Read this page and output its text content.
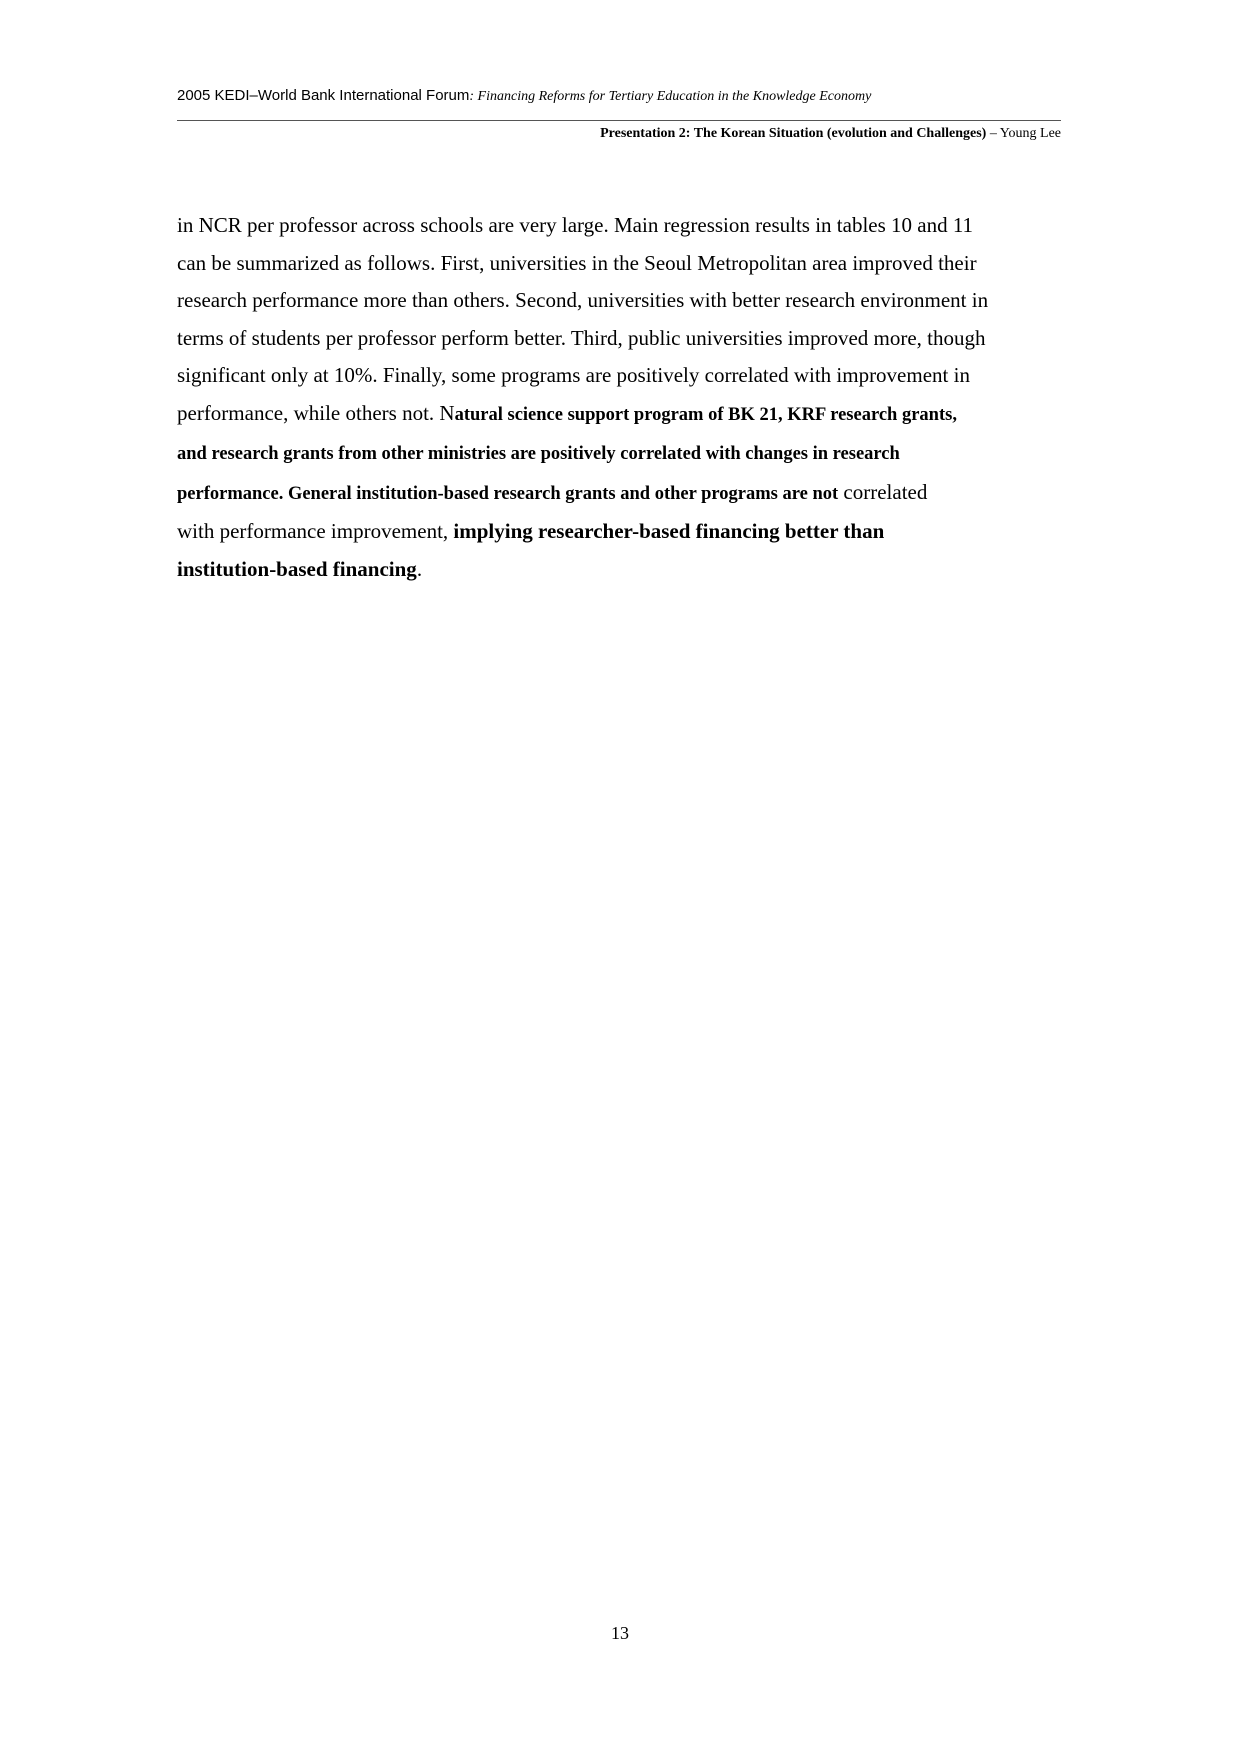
2005 KEDI–World Bank International Forum: Financing Reforms for Tertiary Education in the Knowledge Economy
Presentation 2: The Korean Situation (evolution and Challenges) – Young Lee
in NCR per professor across schools are very large. Main regression results in tables 10 and 11
can be summarized as follows. First, universities in the Seoul Metropolitan area improved their
research performance more than others. Second, universities with better research environment in
terms of students per professor perform better. Third, public universities improved more, though
significant only at 10%. Finally, some programs are positively correlated with improvement in
performance, while others not. Natural science support program of BK 21, KRF research grants,
and research grants from other ministries are positively correlated with changes in research
performance. General institution-based research grants and other programs are not correlated
with performance improvement, implying researcher-based financing better than
institution-based financing.
13
